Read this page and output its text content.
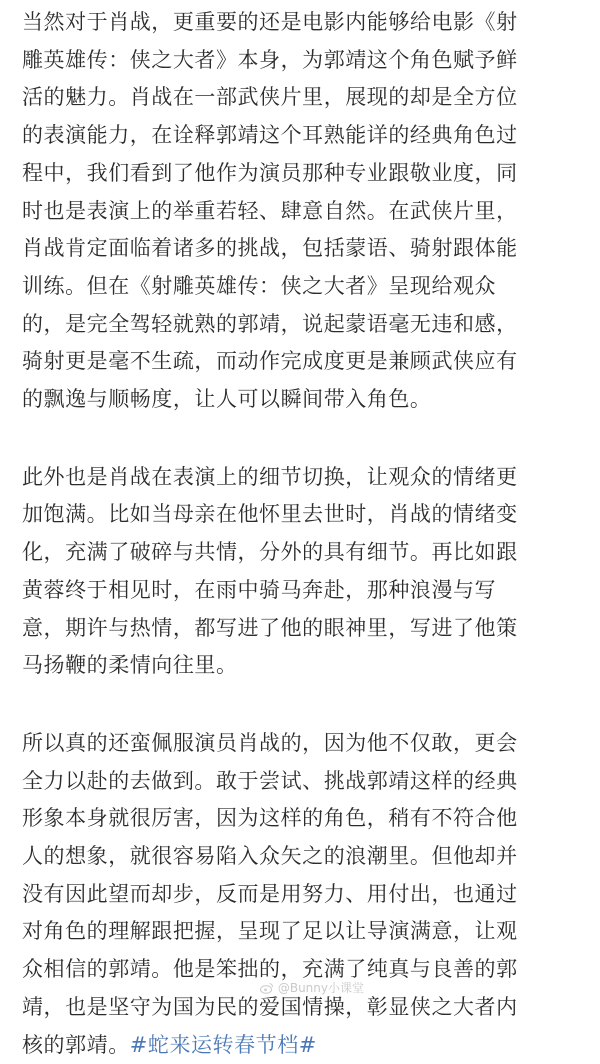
当然对于肖战，更重要的还是电影内能够给电影《射
雕英雄传：侠之大者》本身，为郭靖这个角色赋予鲜
活的魅力。肖战在一部武侠片里，展现的却是全方位
的表演能力，在诠释郭靖这个耳熟能详的经典角色过
程中，我们看到了他作为演员那种专业跟敬业度，同
时也是表演上的举重若轻、肆意自然。在武侠片里，
肖战肯定面临着诸多的挑战，包括蒙语、骑射跟体能
训练。但在《射雕英雄传：侠之大者》呈现给观众
的，是完全驾轻就熟的郭靖，说起蒙语毫无违和感，
骑射更是毫不生疏，而动作完成度更是兼顾武侠应有
的飘逸与顺畅度，让人可以瞬间带入角色。
此外也是肖战在表演上的细节切换，让观众的情绪更
加饱满。比如当母亲在他怀里去世时，肖战的情绪变
化，充满了破碎与共情，分外的具有细节。再比如跟
黄蓉终于相见时，在雨中骑马奔赴，那种浪漫与写
意，期许与热情，都写进了他的眼神里，写进了他策
马扬鞭的柔情向往里。
所以真的还蛮佩服演员肖战的，因为他不仅敢，更会
全力以赴的去做到。敢于尝试、挑战郭靖这样的经典
形象本身就很厉害，因为这样的角色，稍有不符合他
人的想象，就很容易陷入众矢之的浪潮里。但他却并
没有因此望而却步，反而是用努力、用付出，也通过
对角色的理解跟把握，呈现了足以让导演满意，让观
众相信的郭靖。他是笨拙的，充满了纯真与良善的郭
靖，也是坚守为国为民的爱国情操，彰显侠之大者内
核的郭靖。#蛇来运转春节档#
@Bunny小课堂
